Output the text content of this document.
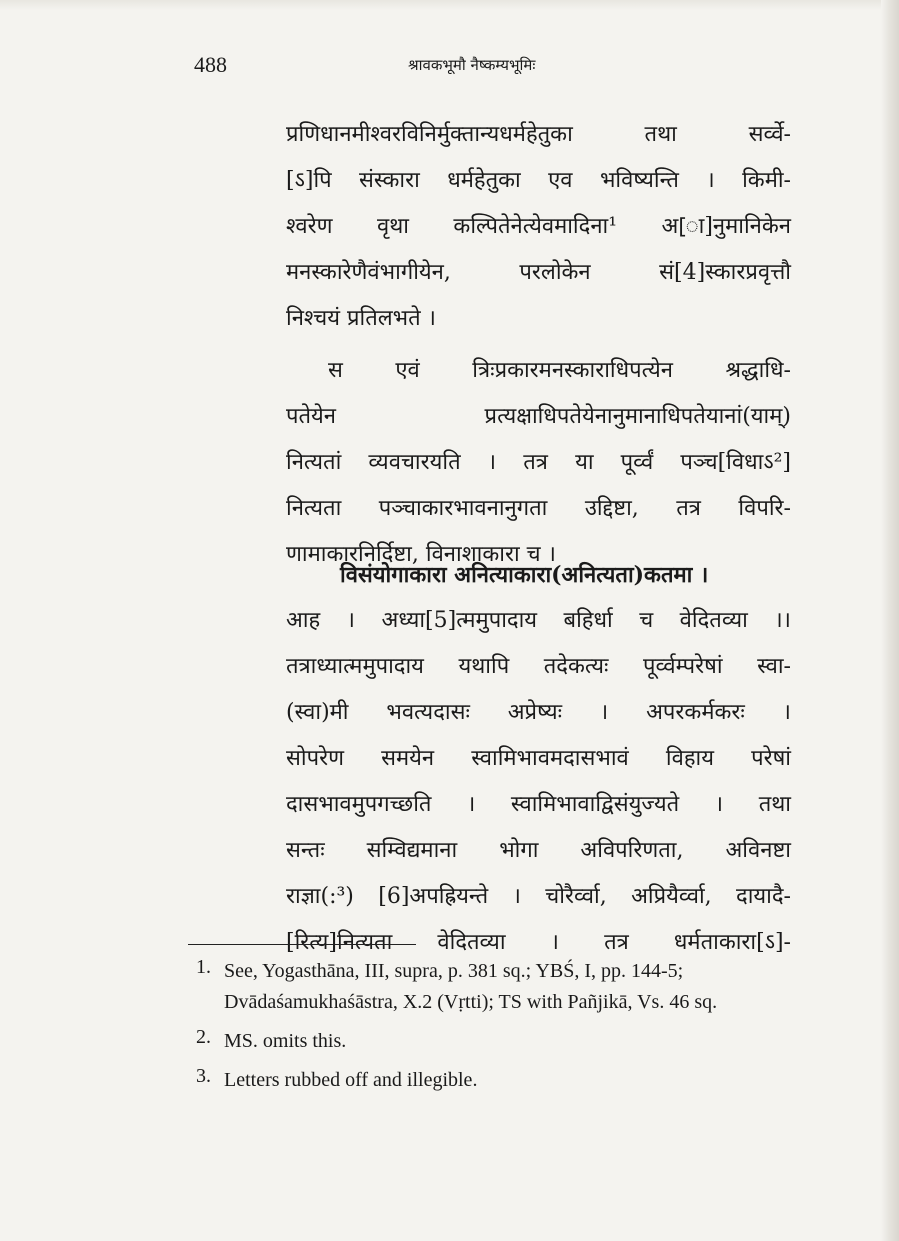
488	श्रावकभूमौ नैष्कम्यभूमिः
प्रणिधानमीश्वरविनिर्मुक्तान्यधर्महेतुका तथा सर्व्वे-
[ऽ]पि संस्कारा धर्महेतुका एव भविष्यन्ति । किमी-
श्वरेण वृथा कल्पितेनेत्येवमादिना¹ अ[ा]नुमानिकेन
मनस्कारेणैवंभागीयेन, परलोकेन सं[4]स्कारप्रवृत्तौ
निश्चयं प्रतिलभते ।
स एवं त्रिःप्रकारमनस्काराधिपत्येन श्रद्धाधि-
पतेयेन प्रत्यक्षाधिपतेयेनानुमानाधिपतेयानां(याम्)
नित्यतां व्यवचारयति । तत्र या पूर्व्वं पञ्च[विधाऽ²]
नित्यता पञ्चाकारभावनानुगता उद्दिष्टा, तत्र विपरि-
णामाकारनिर्दिष्टा, विनाशाकारा च ।
विसंयोगाकारा अनित्याकारा(अनित्यता)कतमा ।
आह । अध्या[5]त्ममुपादाय बहिर्धा च वेदितव्या ।।
तत्राध्यात्ममुपादाय यथापि तदेकत्यः पूर्व्वम्परेषां स्वा-
(स्वा)मी भवत्यदासः अप्रेष्यः । अपरकर्मकरः ।
सोपरेण समयेन स्वामिभावमदासभावं विहाय परेषां
दासभावमुपगच्छति । स्वामिभावाद्विसंयुज्यते । तथा
सन्तः सम्विद्यमाना भोगा अविपरिणता, अविनष्टा
राज्ञा(:³) [6]अपह्रियन्ते । चोरैर्व्वा, अप्रियैर्व्वा, दायादै-
[रित्य]नित्यता वेदितव्या । तत्र धर्मताकारा[ऽ]-
1. See, Yogasthāna, III, supra, p. 381 sq.; YBŚ, I, pp. 144-5; Dvādaśamukhaśāstra, X.2 (Vṛtti); TS with Pañjikā, Vs. 46 sq.
2. MS. omits this.
3. Letters rubbed off and illegible.
